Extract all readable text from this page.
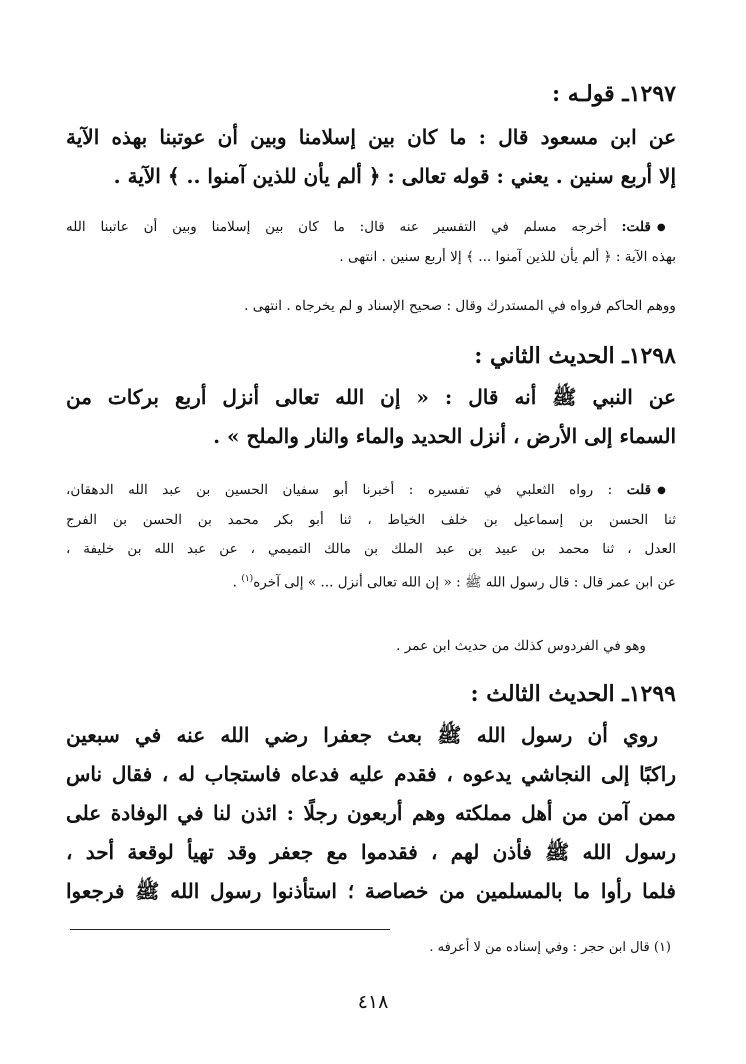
١٢٩٧ـ قولـه :
عن ابن مسعود قال : ما كان بين إسلامنا وبين أن عوتبنا بهذه الآية
إلا أربع سنين . يعني : قوله تعالى : ﴿ ألم يأن للذين آمنوا .. ﴾ الآية .
● قلت: أخرجه مسلم في التفسير عنه قال: ما كان بين إسلامنا وبين أن عاتبنا الله
بهذه الآية : ﴿ ألم يأن للذين آمنوا ... ﴾ إلا أربع سنين . انتهى .
ووهم الحاكم فرواه في المستدرك وقال : صحيح الإسناد و لم يخرجاه . انتهى .
١٢٩٨ـ الحديث الثاني :
عن النبي ﷺ أنه قال : « إن الله تعالى أنزل أربع بركات من
السماء إلى الأرض ، أنزل الحديد والماء والنار والملح » .
● قلت : رواه الثعلبي في تفسيره : أخبرنا أبو سفيان الحسين بن عبد الله الدهقان،
ثنا الحسن بن إسماعيل بن خلف الخياط ، ثنا أبو بكر محمد بن الحسن بن الفرج
العدل ، ثنا محمد بن عبيد بن عبد الملك بن مالك التميمي ، عن عبد الله بن خليفة ،
عن ابن عمر قال : قال رسول الله ﷺ : « إن الله تعالى أنزل ... » إلى آخره$^{(١)}$ .
وهو في الفردوس كذلك من حديث ابن عمر .
١٢٩٩ـ الحديث الثالث :
روي أن رسول الله ﷺ بعث جعفرا رضي الله عنه في سبعين
راكبًا إلى النجاشي يدعوه ، فقدم عليه فدعاه فاستجاب له ، فقال ناس
ممن آمن من أهل مملكته وهم أربعون رجلًا : ائذن لنا في الوفادة على
رسول الله ﷺ فأذن لهم ، فقدموا مع جعفر وقد تهيأ لوقعة أحد ،
فلما رأوا ما بالمسلمين من خصاصة ؛ استأذنوا رسول الله ﷺ فرجعوا
(١) قال ابن حجر : وفي إسناده من لا أعرفه .
٤١٨
